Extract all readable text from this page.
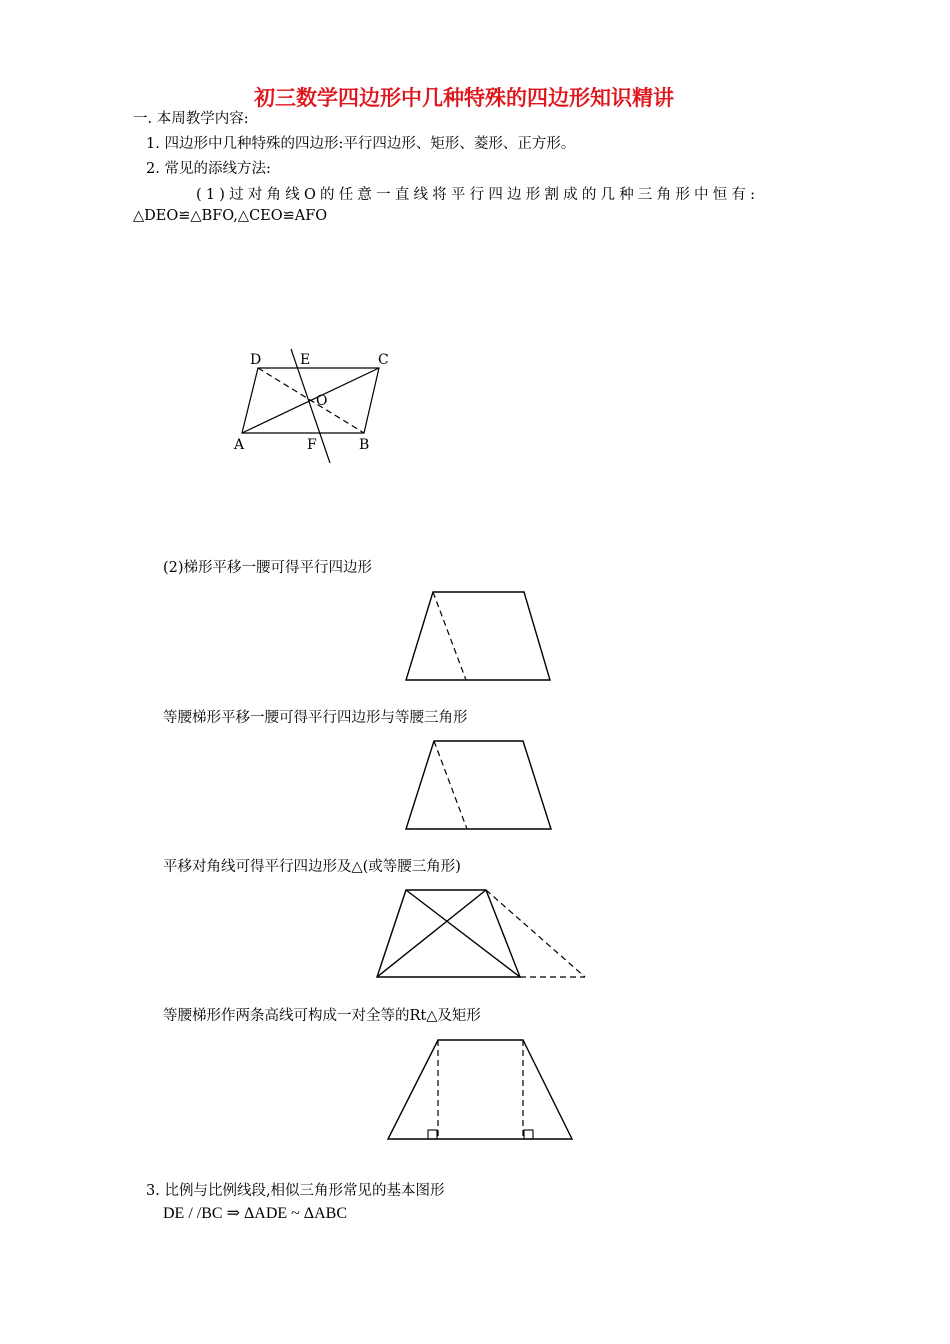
初三数学四边形中几种特殊的四边形知识精讲
一. 本周教学内容:
1. 四边形中几种特殊的四边形:平行四边形、矩形、菱形、正方形。
2. 常见的添线方法:
(1)过对角线O的任意一直线将平行四边形割成的几种三角形中恒有:
△DEO≌△BFO,△CEO≌AFO
D	E	C
O
A	F	B
(2)梯形平移一腰可得平行四边形
等腰梯形平移一腰可得平行四边形与等腰三角形
平移对角线可得平行四边形及△(或等腰三角形)
等腰梯形作两条高线可构成一对全等的Rt△及矩形
3. 比例与比例线段,相似三角形常见的基本图形
DE / /BC ⇒ ΔADE ~ ΔABC
